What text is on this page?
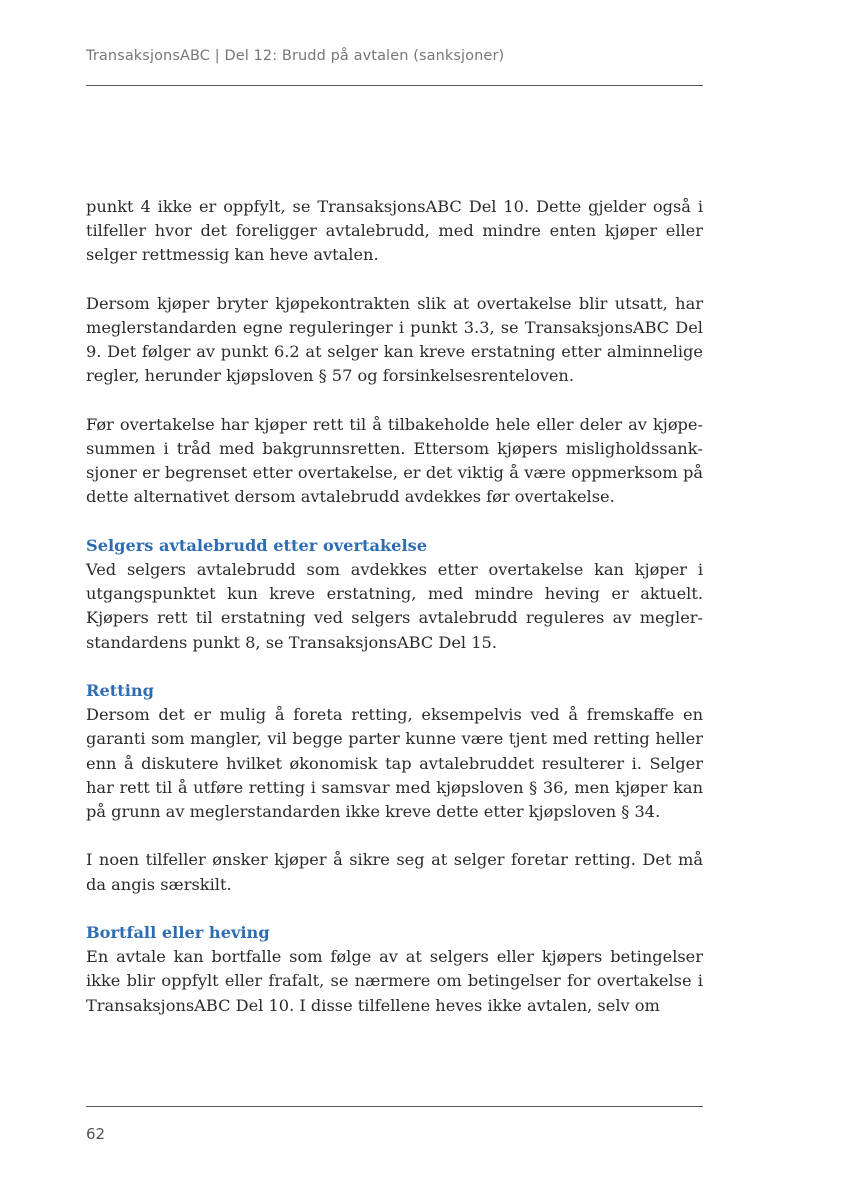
TransaksjonsABC | Del 12: Brudd på avtalen (sanksjoner)

punkt 4 ikke er oppfylt, se TransaksjonsABC Del 10. Dette gjelder også i tilfeller hvor det foreligger avtalebrudd, med mindre enten kjøper eller selger rettmessig kan heve avtalen.

Dersom kjøper bryter kjøpekontrakten slik at overtakelse blir utsatt, har meglerstandarden egne reguleringer i punkt 3.3, se TransaksjonsABC Del 9. Det følger av punkt 6.2 at selger kan kreve erstatning etter alminnelige regler, herunder kjøpsloven § 57 og forsinkelsesrenteloven.

Før overtakelse har kjøper rett til å tilbakeholde hele eller deler av kjøpesummen i tråd med bakgrunnsretten. Ettersom kjøpers misligholdssanksjoner er begrenset etter overtakelse, er det viktig å være oppmerksom på dette alternativet dersom avtalebrudd avdekkes før overtakelse.

Selgers avtalebrudd etter overtakelse

Ved selgers avtalebrudd som avdekkes etter overtakelse kan kjøper i utgangspunktet kun kreve erstatning, med mindre heving er aktuelt. Kjøpers rett til erstatning ved selgers avtalebrudd reguleres av meglerstandardens punkt 8, se TransaksjonsABC Del 15.

Retting

Dersom det er mulig å foreta retting, eksempelvis ved å fremskaffe en garanti som mangler, vil begge parter kunne være tjent med retting heller enn å diskutere hvilket økonomisk tap avtalebruddet resulterer i. Selger har rett til å utføre retting i samsvar med kjøpsloven § 36, men kjøper kan på grunn av meglerstandarden ikke kreve dette etter kjøpsloven § 34.

I noen tilfeller ønsker kjøper å sikre seg at selger foretar retting. Det må da angis særskilt.

Bortfall eller heving

En avtale kan bortfalle som følge av at selgers eller kjøpers betingelser ikke blir oppfylt eller frafalt, se nærmere om betingelser for overtakelse i TransaksjonsABC Del 10. I disse tilfellene heves ikke avtalen, selv om

62
